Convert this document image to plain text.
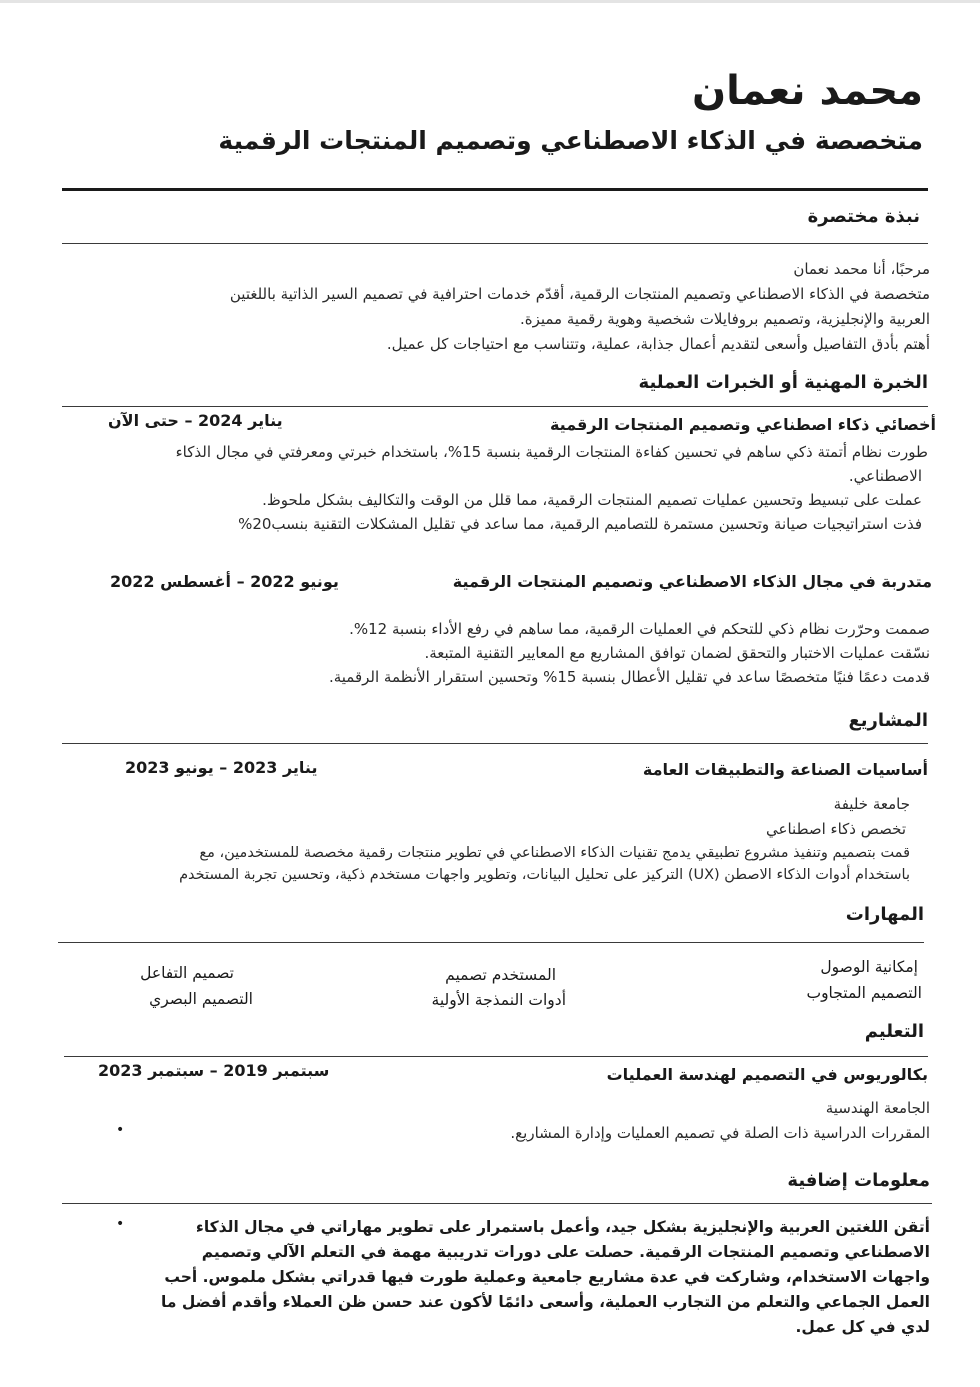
محمد نعمان
متخصصة في الذكاء الاصطناعي وتصميم المنتجات الرقمية
نبذة مختصرة
مرحبًا، أنا محمد نعمان
متخصصة في الذكاء الاصطناعي وتصميم المنتجات الرقمية، أقدّم خدمات احترافية في تصميم السير الذاتية باللغتين
العربية والإنجليزية، وتصميم بروفايلات شخصية وهوية رقمية مميزة.
أهتم بأدق التفاصيل وأسعى لتقديم أعمال جذابة، عملية، وتتناسب مع احتياجات كل عميل.
الخبرة المهنية أو الخبرات العملية
أخصائي ذكاء اصطناعي وتصميم المنتجات الرقمية
يناير 2024 – حتى الآن
طورت نظام أتمتة ذكي ساهم في تحسين كفاءة المنتجات الرقمية بنسبة 15%، باستخدام خبرتي ومعرفتي في مجال الذكاء
الاصطناعي.
عملت على تبسيط وتحسين عمليات تصميم المنتجات الرقمية، مما قلل من الوقت والتكاليف بشكل ملحوظ.
فذت استراتيجيات صيانة وتحسين مستمرة للتصاميم الرقمية، مما ساعد في تقليل المشكلات التقنية بنسب20%
متدربة في مجال الذكاء الاصطناعي وتصميم المنتجات الرقمية
يونيو 2022 – أغسطس 2022
صممت وحرّرت نظام ذكي للتحكم في العمليات الرقمية، مما ساهم في رفع الأداء بنسبة 12%.
نسّقت عمليات الاختبار والتحقق لضمان توافق المشاريع مع المعايير التقنية المتبعة.
قدمت دعمًا فنيًا متخصصًا ساعد في تقليل الأعطال بنسبة 15% وتحسين استقرار الأنظمة الرقمية.
المشاريع
أساسيات الصناعة والتطبيقات العامة
يناير 2023 – يونيو 2023
جامعة خليفة
تخصص ذكاء اصطناعي
قمت بتصميم وتنفيذ مشروع تطبيقي يدمج تقنيات الذكاء الاصطناعي في تطوير منتجات رقمية مخصصة للمستخدمين، مع
باستخدام أدوات الذكاء الاصطن (UX) التركيز على تحليل البيانات، وتطوير واجهات مستخدم ذكية، وتحسين تجربة المستخدم
المهارات
إمكانية الوصول
التصميم المتجاوب
المستخدم تصميم
أدوات النمذجة الأولية
تصميم التفاعل
التصميم البصري
التعليم
بكالوريوس في التصميم لهندسة العمليات
سبتمبر 2019 – سبتمبر 2023
الجامعة الهندسية
المقررات الدراسية ذات الصلة في تصميم العمليات وإدارة المشاريع.
•
معلومات إضافية
•	أتقن اللغتين العربية والإنجليزية بشكل جيد، وأعمل باستمرار على تطوير مهاراتي في مجال الذكاء
الاصطناعي وتصميم المنتجات الرقمية. حصلت على دورات تدريبية مهمة في التعلم الآلي وتصميم
واجهات الاستخدام، وشاركت في عدة مشاريع جامعية وعملية طورت فيها قدراتي بشكل ملموس. أحب
العمل الجماعي والتعلم من التجارب العملية، وأسعى دائمًا لأكون عند حسن ظن العملاء وأقدم أفضل ما
لدي في كل عمل.
